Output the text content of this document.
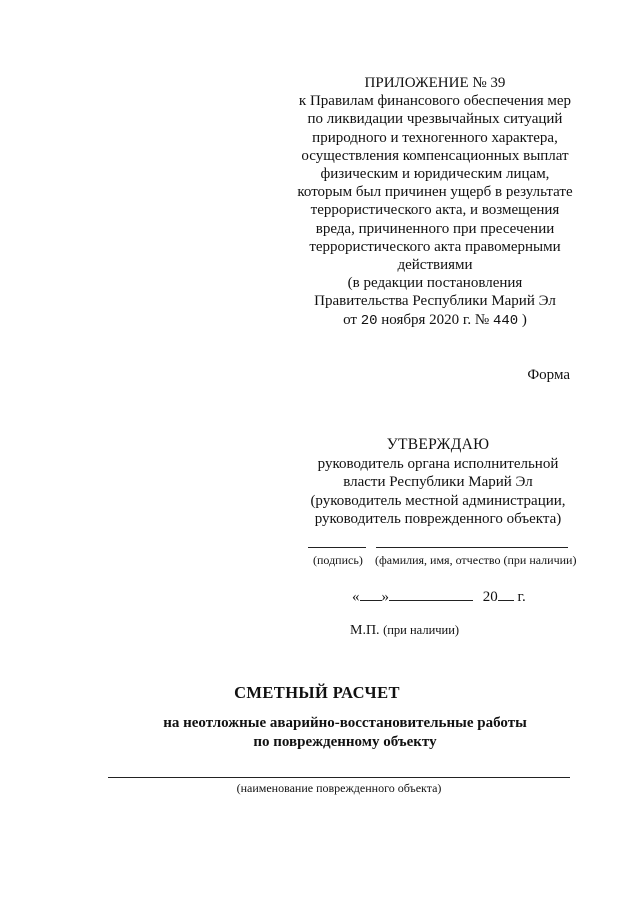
ПРИЛОЖЕНИЕ № 39
к Правилам финансового обеспечения мер
по ликвидации чрезвычайных ситуаций
природного и техногенного характера,
осуществления компенсационных выплат
физическим и юридическим лицам,
которым был причинен ущерб в результате
террористического акта, и возмещения
вреда, причиненного при пресечении
террористического акта правомерными
действиями
(в редакции постановления
Правительства Республики Марий Эл
от 20 ноября 2020 г. № 440 )
Форма
УТВЕРЖДАЮ
руководитель органа исполнительной
власти Республики Марий Эл
(руководитель местной администрации,
руководитель поврежденного объекта)
(подпись) (фамилия, имя, отчество (при наличии)
« »	20 г.
М.П. (при наличии)
СМЕТНЫЙ РАСЧЕТ
на неотложные аварийно-восстановительные работы
по поврежденному объекту
(наименование поврежденного объекта)
